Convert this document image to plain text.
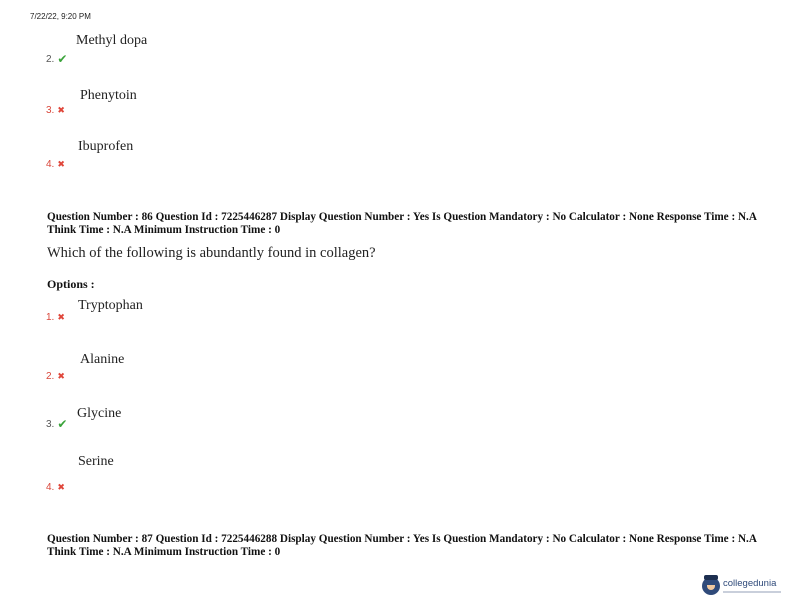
7/22/22, 9:20 PM
Methyl dopa
2. ✔
Phenytoin
3. ✖
Ibuprofen
4. ✖
Question Number : 86 Question Id : 7225446287 Display Question Number : Yes Is Question Mandatory : No Calculator : None Response Time : N.A Think Time : N.A Minimum Instruction Time : 0
Which of the following is abundantly found in collagen?
Options :
Tryptophan
1. ✖
Alanine
2. ✖
Glycine
3. ✔
Serine
4. ✖
Question Number : 87 Question Id : 7225446288 Display Question Number : Yes Is Question Mandatory : No Calculator : None Response Time : N.A Think Time : N.A Minimum Instruction Time : 0
collegedunia
